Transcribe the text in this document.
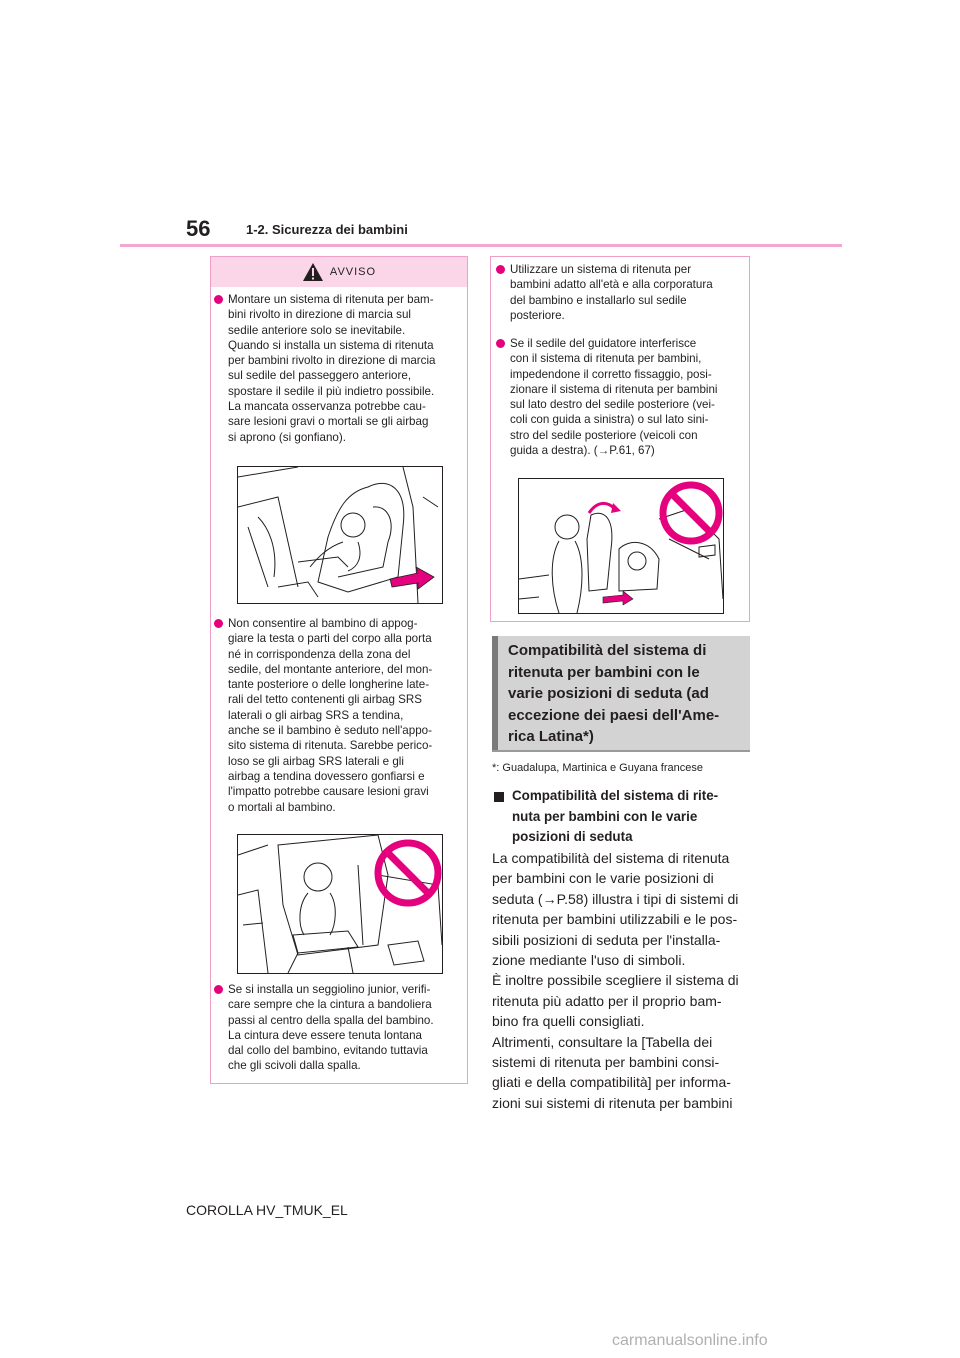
56	1-2. Sicurezza dei bambini
AVVISO

Montare un sistema di ritenuta per bam-
bini rivolto in direzione di marcia sul
sedile anteriore solo se inevitabile.
Quando si installa un sistema di ritenuta
per bambini rivolto in direzione di marcia
sul sedile del passeggero anteriore,
spostare il sedile il più indietro possibile.
La mancata osservanza potrebbe cau-
sare lesioni gravi o mortali se gli airbag
si aprono (si gonfiano).

Non consentire al bambino di appog-
giare la testa o parti del corpo alla porta
né in corrispondenza della zona del
sedile, del montante anteriore, del mon-
tante posteriore o delle longherine late-
rali del tetto contenenti gli airbag SRS
laterali o gli airbag SRS a tendina,
anche se il bambino è seduto nell'appo-
sito sistema di ritenuta. Sarebbe perico-
loso se gli airbag SRS laterali e gli
airbag a tendina dovessero gonfiarsi e
l'impatto potrebbe causare lesioni gravi
o mortali al bambino.

Se si installa un seggiolino junior, verifi-
care sempre che la cintura a bandoliera
passi al centro della spalla del bambino.
La cintura deve essere tenuta lontana
dal collo del bambino, evitando tuttavia
che gli scivoli dalla spalla.

Utilizzare un sistema di ritenuta per
bambini adatto all'età e alla corporatura
del bambino e installarlo sul sedile
posteriore.

Se il sedile del guidatore interferisce
con il sistema di ritenuta per bambini,
impedendone il corretto fissaggio, posi-
zionare il sistema di ritenuta per bambini
sul lato destro del sedile posteriore (vei-
coli con guida a sinistra) o sul lato sini-
stro del sedile posteriore (veicoli con
guida a destra). (→P.61, 67)

Compatibilità del sistema di
ritenuta per bambini con le
varie posizioni di seduta (ad
eccezione dei paesi dell'Ame-
rica Latina*)

*: Guadalupa, Martinica e Guyana francese

Compatibilità del sistema di rite-
nuta per bambini con le varie
posizioni di seduta

La compatibilità del sistema di ritenuta
per bambini con le varie posizioni di
seduta (→P.58) illustra i tipi di sistemi di
ritenuta per bambini utilizzabili e le pos-
sibili posizioni di seduta per l'installa-
zione mediante l'uso di simboli.
È inoltre possibile scegliere il sistema di
ritenuta più adatto per il proprio bam-
bino fra quelli consigliati.
Altrimenti, consultare la [Tabella dei
sistemi di ritenuta per bambini consi-
gliati e della compatibilità] per informa-
zioni sui sistemi di ritenuta per bambini

COROLLA HV_TMUK_EL
carmanualsonline.info
